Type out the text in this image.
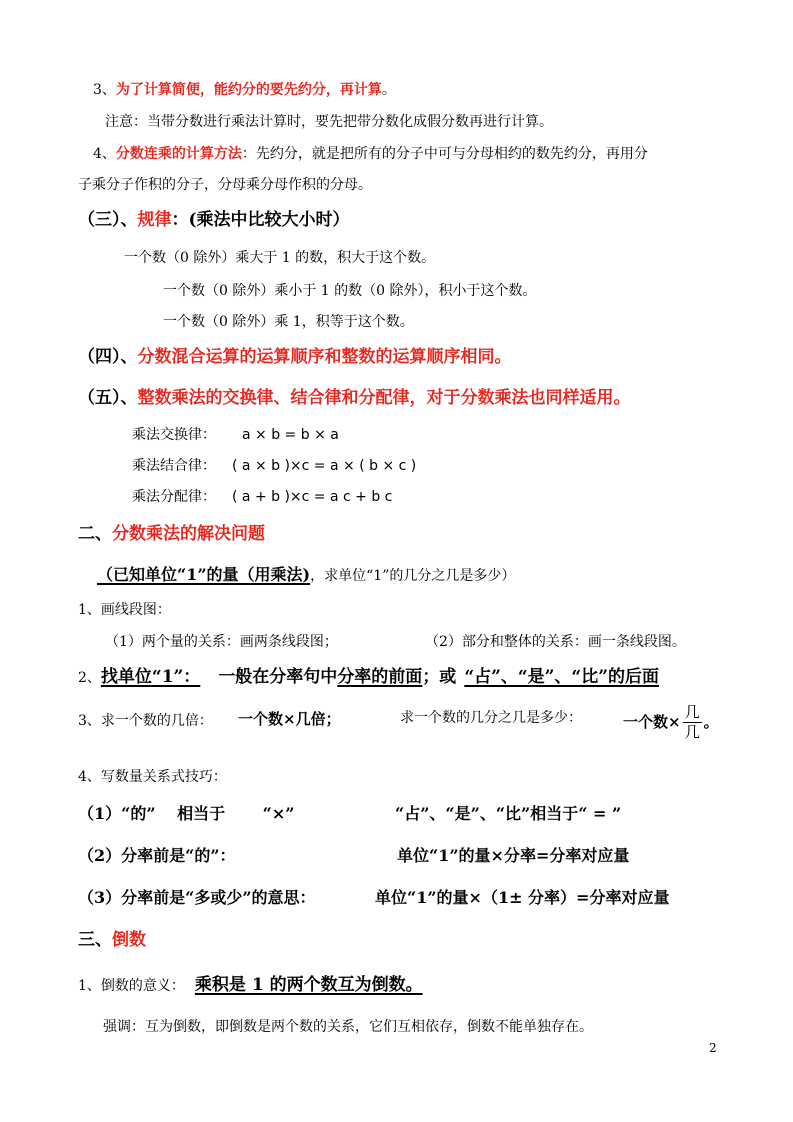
3、为了计算简便，能约分的要先约分，再计算。
注意：当带分数进行乘法计算时，要先把带分数化成假分数再进行计算。
4、分数连乘的计算方法：先约分，就是把所有的分子中可与分母相约的数先约分，再用分
子乘分子作积的分子，分母乘分母作积的分母。
（三）、规律：(乘法中比较大小时）
一个数（0 除外）乘大于 1 的数，积大于这个数。
一个数（0 除外）乘小于 1 的数（0 除外），积小于这个数。
一个数（0 除外）乘 1，积等于这个数。
（四）、分数混合运算的运算顺序和整数的运算顺序相同。
（五）、整数乘法的交换律、结合律和分配律，对于分数乘法也同样适用。
乘法交换律： a × b = b × a
乘法结合律： ( a × b )×c = a × ( b × c )
乘法分配律： ( a + b )×c = a c + b c
二、分数乘法的解决问题
（已知单位“1”的量（用乘法)，求单位“1”的几分之几是多少）
1、画线段图：
（1）两个量的关系：画两条线段图；	（2）部分和整体的关系：画一条线段图。
2、找单位“1”： 一般在分率句中分率的前面；或 “占”、“是”、“比”的后面
3、求一个数的几倍： 一个数×几倍；	求一个数的几分之几是多少：	一个数× $\frac{\text{几}}{\text{几}}$ 。
4、写数量关系式技巧：
（1）“的”　 相当于　　 “×”	“占”、“是”、“比”相当于“ = ”
（2）分率前是“的”：	单位“1”的量×分率=分率对应量
（3）分率前是“多或少”的意思：	单位“1”的量×（1± 分率）=分率对应量
三、倒数
1、倒数的意义： 乘积是 1 的两个数互为倒数。
强调：互为倒数，即倒数是两个数的关系，它们互相依存，倒数不能单独存在。
2
